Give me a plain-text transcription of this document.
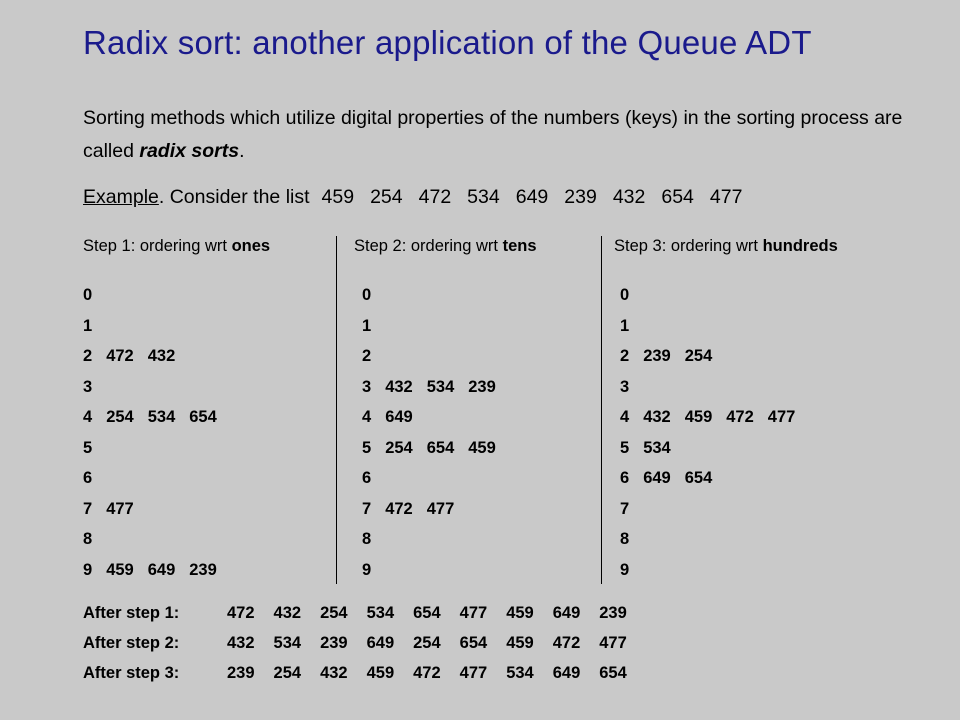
Radix sort: another application of the Queue ADT
Sorting methods which utilize digital properties of the numbers (keys) in the sorting process are called radix sorts.
Example. Consider the list 459 254 472 534 649 239 432 654 477
Step 1: ordering wrt ones	Step 2: ordering wrt tens	Step 3: ordering wrt hundreds
0
1
2 472 432
3
4 254 534 654
5
6
7 477
8
9 459 649 239
0
1
2
3 432 534 239
4 649
5 254 654 459
6
7 472 477
8
9
0
1
2 239 254
3
4 432 459 472 477
5 534
6 649 654
7
8
9
After step 1:	472 432 254 534 654 477 459 649 239
After step 2:	432 534 239 649 254 654 459 472 477
After step 3:	239 254 432 459 472 477 534 649 654
